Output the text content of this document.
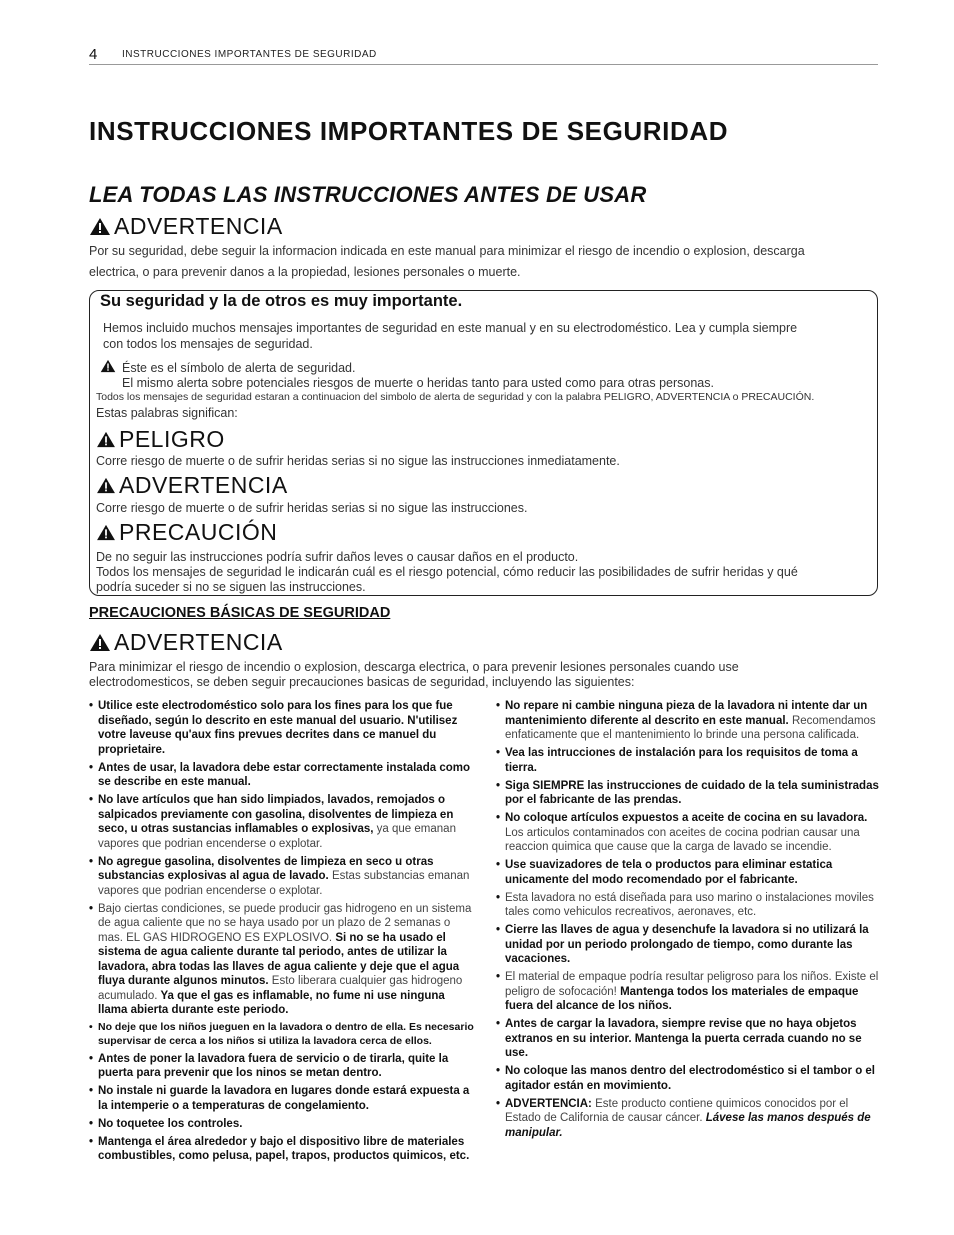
4 INSTRUCCIONES IMPORTANTES DE SEGURIDAD
INSTRUCCIONES IMPORTANTES DE SEGURIDAD
LEA TODAS LAS INSTRUCCIONES ANTES DE USAR
ADVERTENCIA
Por su seguridad, debe seguir la informacion indicada en este manual para minimizar el riesgo de incendio o explosion, descarga
electrica, o para prevenir danos a la propiedad, lesiones personales o muerte.
Su seguridad y la de otros es muy importante.
Hemos incluido muchos mensajes importantes de seguridad en este manual y en su electrodoméstico. Lea y cumpla siempre
con todos los mensajes de seguridad.
Éste es el símbolo de alerta de seguridad.
El mismo alerta sobre potenciales riesgos de muerte o heridas tanto para usted como para otras personas.
Todos los mensajes de seguridad estaran a continuacion del simbolo de alerta de seguridad y con la palabra PELIGRO, ADVERTENCIA o PRECAUCIÓN.
Estas palabras significan:
PELIGRO
Corre riesgo de muerte o de sufrir heridas serias si no sigue las instrucciones inmediatamente.
ADVERTENCIA
Corre riesgo de muerte o de sufrir heridas serias si no sigue las instrucciones.
PRECAUCIÓN
De no seguir las instrucciones podría sufrir daños leves o causar daños en el producto.
Todos los mensajes de seguridad le indicarán cuál es el riesgo potencial, cómo reducir las posibilidades de sufrir heridas y qué
podría suceder si no se siguen las instrucciones.
PRECAUCIONES BÁSICAS DE SEGURIDAD
ADVERTENCIA
Para minimizar el riesgo de incendio o explosion, descarga electrica, o para prevenir lesiones personales cuando use
electrodomesticos, se deben seguir precauciones basicas de seguridad, incluyendo las siguientes:
• Utilice este electrodoméstico solo para los fines para los que fue diseñado, según lo descrito en este manual del usuario. N'utilisez votre laveuse qu'aux fins prevues decrites dans ce manuel du proprietaire.
• Antes de usar, la lavadora debe estar correctamente instalada como se describe en este manual.
• No lave artículos que han sido limpiados, lavados, remojados o salpicados previamente con gasolina, disolventes de limpieza en seco, u otras sustancias inflamables o explosivas, ya que emanan vapores que podrian encenderse o explotar.
• No agregue gasolina, disolventes de limpieza en seco u otras substancias explosivas al agua de lavado. Estas substancias emanan vapores que podrian encenderse o explotar.
• Bajo ciertas condiciones, se puede producir gas hidrogeno en un sistema de agua caliente que no se haya usado por un plazo de 2 semanas o mas. EL GAS HIDROGENO ES EXPLOSIVO. Si no se ha usado el sistema de agua caliente durante tal periodo, antes de utilizar la lavadora, abra todas las llaves de agua caliente y deje que el agua fluya durante algunos minutos. Esto liberara cualquier gas hidrogeno acumulado. Ya que el gas es inflamable, no fume ni use ninguna llama abierta durante este periodo.
• No deje que los niños jueguen en la lavadora o dentro de ella. Es necesario supervisar de cerca a los niños si utiliza la lavadora cerca de ellos.
• Antes de poner la lavadora fuera de servicio o de tirarla, quite la puerta para prevenir que los ninos se metan dentro.
• No instale ni guarde la lavadora en lugares donde estará expuesta a la intemperie o a temperaturas de congelamiento.
• No toquetee los controles.
• Mantenga el área alrededor y bajo el dispositivo libre de materiales combustibles, como pelusa, papel, trapos, productos quimicos, etc.
• No repare ni cambie ninguna pieza de la lavadora ni intente dar un mantenimiento diferente al descrito en este manual. Recomendamos enfaticamente que el mantenimiento lo brinde una persona calificada.
• Vea las intrucciones de instalación para los requisitos de toma a tierra.
• Siga SIEMPRE las instrucciones de cuidado de la tela suministradas por el fabricante de las prendas.
• No coloque artículos expuestos a aceite de cocina en su lavadora. Los articulos contaminados con aceites de cocina podrian causar una reaccion quimica que cause que la carga de lavado se incendie.
• Use suavizadores de tela o productos para eliminar estatica unicamente del modo recomendado por el fabricante.
• Esta lavadora no está diseñada para uso marino o instalaciones moviles tales como vehiculos recreativos, aeronaves, etc.
• Cierre las llaves de agua y desenchufe la lavadora si no utilizará la unidad por un periodo prolongado de tiempo, como durante las vacaciones.
• El material de empaque podría resultar peligroso para los niños. Existe el peligro de sofocación! Mantenga todos los materiales de empaque fuera del alcance de los niños.
• Antes de cargar la lavadora, siempre revise que no haya objetos extranos en su interior. Mantenga la puerta cerrada cuando no se use.
• No coloque las manos dentro del electrodoméstico si el tambor o el agitador están en movimiento.
• ADVERTENCIA: Este producto contiene quimicos conocidos por el Estado de California de causar cáncer. Lávese las manos después de manipular.
